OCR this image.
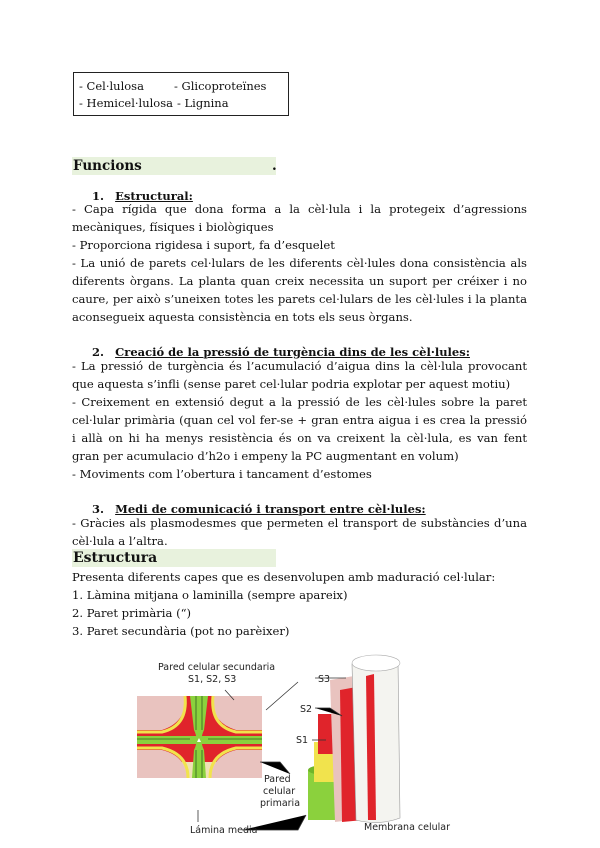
- Cel·lulosa	- Glicoproteïnes
- Hemicel·lulosa - Lignina
Funcions	.
1. Estructural:

- Capa rígida que dona forma a la cèl·lula i la protegeix d’agressions mecàniques, físiques i biològiques

- Proporciona rigidesa i suport, fa d’esquelet

- La unió de parets cel·lulars de les diferents cèl·lules dona consistència als diferents òrgans. La planta quan creix necessita un suport per créixer i no caure, per això s’uneixen totes les parets cel·lulars de les cèl·lules i la planta aconsegueix aquesta consistència en tots els seus òrgans.

2. Creació de la pressió de turgència dins de les cèl·lules:

- La pressió de turgència és l’acumulació d’aigua dins la cèl·lula provocant que aquesta s’infli (sense paret cel·lular podria explotar per aquest motiu)

- Creixement en extensió degut a la pressió de les cèl·lules sobre la paret cel·lular primària (quan cel vol fer-se + gran entra aigua i es crea la pressió i allà on hi ha menys resistència és on va creixent la cèl·lula, es van fent gran per acumulacio d’h2o i empeny la PC augmentant en volum)

- Moviments com l’obertura i tancament d’estomes

3. Medi de comunicació i transport entre cèl·lules:

- Gràcies als plasmodesmes que permeten el transport de substàncies d’una cèl·lula a l’altra.

Estructura
Presenta diferents capes que es desenvolupen amb maduració cel·lular:
1. Làmina mitjana o laminilla (sempre apareix)
2. Paret primària (“)
3. Paret secundària (pot no parèixer)
Pared celular secundaria
S1, S2, S3	S3
S2
S1
Pared
celular
primaria
Lámina media	Membrana celular
